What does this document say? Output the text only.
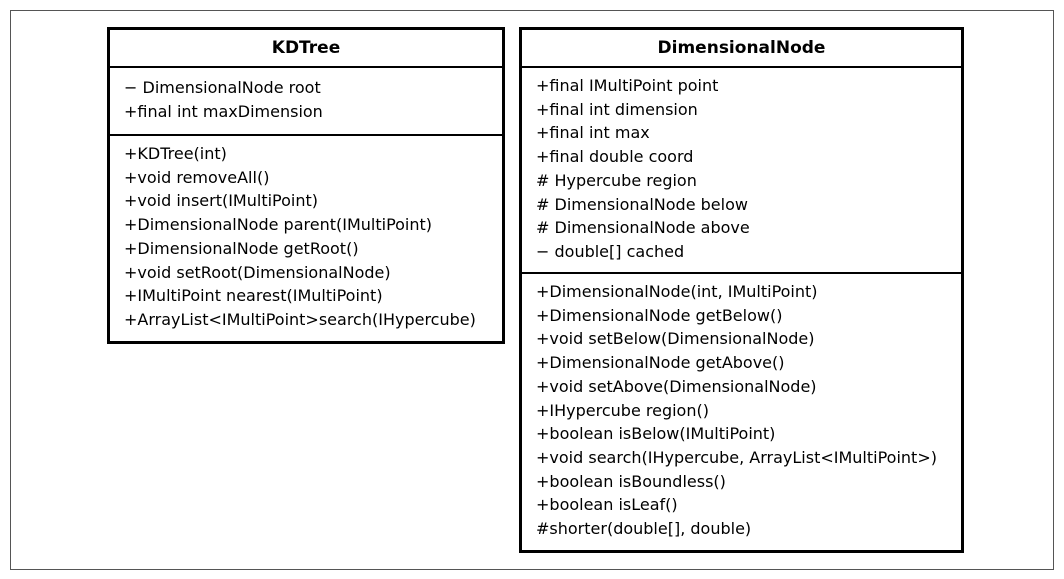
KDTree
− DimensionalNode root
+final int maxDimension
+KDTree(int)
+void removeAll()
+void insert(IMultiPoint)
+DimensionalNode parent(IMultiPoint)
+DimensionalNode getRoot()
+void setRoot(DimensionalNode)
+IMultiPoint nearest(IMultiPoint)
+ArrayList<IMultiPoint>search(IHypercube)
DimensionalNode
+final IMultiPoint point
+final int dimension
+final int max
+final double coord
# Hypercube region
# DimensionalNode below
# DimensionalNode above
− double[] cached
+DimensionalNode(int, IMultiPoint)
+DimensionalNode getBelow()
+void setBelow(DimensionalNode)
+DimensionalNode getAbove()
+void setAbove(DimensionalNode)
+IHypercube region()
+boolean isBelow(IMultiPoint)
+void search(IHypercube, ArrayList<IMultiPoint>)
+boolean isBoundless()
+boolean isLeaf()
#shorter(double[], double)
